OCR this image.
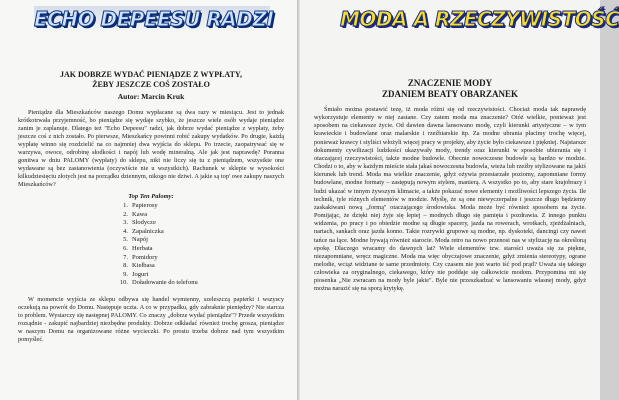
ECHO DEPEESU RADZI
JAK DOBRZE WYDAĆ PIENIĄDZE Z WYPŁATY,
ŻEBY JESZCZE COŚ ZOSTAŁO
Autor: Marcin Kruk

Pieniądze dla Mieszkańców naszego Domu wypłacane są dwa razy w miesiącu. Jest to jednak krótkotrwała przyjemność, bo pieniądze się wydaje szybko, że jeszcze wiele osób wydaje pieniądze zanim je zaplanuje. Dlatego też "Echo Depeesu" radzi, jak dobrze wydać pieniądze z wypłaty, żeby jeszcze coś z nich zostało. Po pierwsze, Mieszkańcy powinni robić zakupy wydatków. Po drugie, każdą wypłatę winno się rozdzielić na co najmniej dwa wyjścia do sklepu. Po trzecie, zaopatrywać się w warzywa, owoce, odrobinę słodkości i napój lub wodę mineralną. Ale jak jest naprawdę? Poranna gonitwa w dniu PALOMY (wypłaty) do sklepu, nikt nie liczy się tu z pieniądzem, wszystkie one wydawane są bez zastanowienia (oczywiście nie u wszystkich). Rachunek w sklepie w wysokości kilkudziesięciu złotych jest na porządku dziennym, nikogo nie dziwi. A jakie są top' owe zakupy naszych Mieszkańców?

Top Ten Palomy:
1. Papierosy
2. Kawa
3. Słodycze
4. Zapalniczka
5. Napój
6. Herbata
7. Pomidory
8. Kiełbasa
9. Jogurt
10. Doładowanie do telefonu

W momencie wyjścia ze sklepu odbywa się handel wymienny, szeleszczą papierki i wszyscy oczekują na powrót do Domu. Następuje uczta. A co w przypadku, gdy zabraknie pieniędzy? Nie starcza to problem. Wystarczy się następnej PALOMY. Co znaczy „dobrze wydać pieniądze"? Przede wszystkim rozsądnie - zakupić najbardziej niezbędne produkty. Dobrze odkładać również trochę grosza, pieniądze w naszym Domu na organizowane różne wycieczki. Po prostu trzeba dobrze nad tym wszystkim pomyśleć.

MODA A RZECZYWISTOŚĆ
ZNACZENIE MODY
ZDANIEM BEATY OBARZANEK

Śmiało można postawić tezę, iż moda różni się od rzeczywistości. Chociaż moda tak naprawdę wykorzystuje elementy w niej zastane. Czy zatem moda ma znaczenie? Otóż wielkie, ponieważ jest sposobem na ciekawsze życie. Od dawien dawna lansowano modę, czyli kierunki artystyczne – w tym krawieckie i budowlane oraz malarskie i rzeźbiarskie itp. Za modne ubrania płacimy trochę więcej, ponieważ krawcy i styliści włożyli więcej pracy w projekty, aby życie było ciekawsze i piękniej. Najstarsze dokumenty cywilizacji ludzkości ukazywały mody, trendy oraz kierunki w sposobie ubierania się i otaczającej rzeczywistości, także modne budowle. Obecnie nowoczesne budowle są bardzo w modzie. Chodzi o to, aby w każdym mieście stała jakaś nowoczesna budowla, wieża lub rzeźby stylizowane na jakiś kierunek lub trend. Moda ma wielkie znaczenie, gdyż ożywia przestarzałe poziomy, zapomniane formy budowlane, modne formaty – zastępują nowym stylem, manierą. A wszystko po to, aby stare krajobrazy i ludzi ukazać w innym żywszym klimacie, a także pokazać nowe elementy i możliwości lepszego życia. Ile technik, tyle różnych elementów w modzie. Myślę, że są one niewyczerpalne i jeszcze długo będziemy zaskakiwani nową „formą" otaczającego środowiska. Moda może być również sposobem na życie. Pomijając, że dzięki niej żyje się lepiej – modnych długo się pamięta i pozdrawia. Z innego punktu widzenia, po pracy i po obiedzie modne są długie spacery, jazda na rowerach, wrotkach, zjeżdżalniach, nartach, sankach oraz jazda konno. Takie rozrywki grupowe są modne, np. dyskoteki, dancingi czy nawet tańce na łące. Modne bywają również starocie. Moda retro na nowo przenosi nas w stylizację na określoną epokę. Dlaczego wracamy do dawnych lat? Wiele elementów tzw. starości uważa się za piękne, niezapomniane, wręcz magiczne. Moda ma więc obyczajowe znaczenie, gdyż zmienia stereotypy, ograne melodie, wciąż widziane te same przedmioty. Czy czasem nie jest warto iść pod prąd? Uważa się takiego człowieka za oryginalnego, ciekawego, który nie poddaje się całkowicie modom. Przypomina mi się piosenka „Nie zwracam na mody byle jakie". Byle nie przeszkadzać w lansowaniu własnej mody, gdyż można narazić się na sporą krytykę.
